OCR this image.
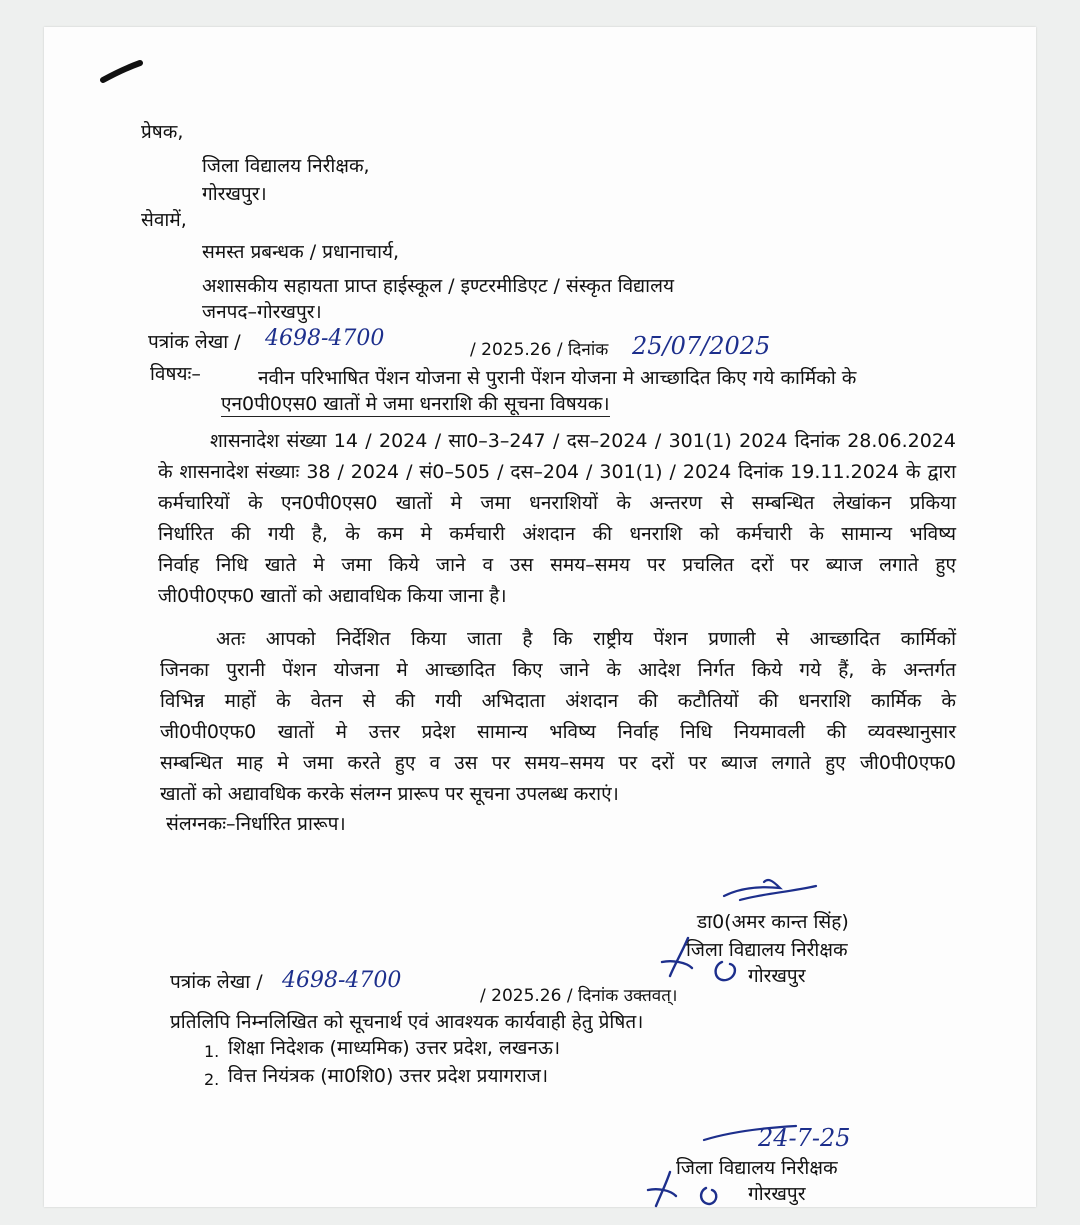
प्रेषक,
जिला विद्यालय निरीक्षक,
गोरखपुर।
सेवामें,
समस्त प्रबन्धक / प्रधानाचार्य,
अशासकीय सहायता प्राप्त हाईस्कूल / इण्टरमीडिएट / संस्कृत विद्यालय
जनपद–गोरखपुर।
पत्रांक लेखा / 4698-4700	/ 2025.26 / दिनांक 25/07/2025
विषयः–	नवीन परिभाषित पेंशन योजना से पुरानी पेंशन योजना मे आच्छादित किए गये कार्मिको के
एन0पी0एस0 खातों मे जमा धनराशि की सूचना विषयक।
शासनादेश संख्या 14 / 2024 / सा0–3–247 / दस–2024 / 301(1) 2024 दिनांक 28.06.2024
के शासनादेश संख्याः 38 / 2024 / सं0–505 / दस–204 / 301(1) / 2024 दिनांक 19.11.2024 के द्वारा
कर्मचारियों के एन0पी0एस0 खातों मे जमा धनराशियों के अन्तरण से सम्बन्धित लेखांकन प्रकिया
निर्धारित की गयी है, के कम मे कर्मचारी अंशदान की धनराशि को कर्मचारी के सामान्य भविष्य
निर्वाह निधि खाते मे जमा किये जाने व उस समय–समय पर प्रचलित दरों पर ब्याज लगाते हुए
जी0पी0एफ0 खातों को अद्यावधिक किया जाना है।
अतः आपको निर्देशित किया जाता है कि राष्ट्रीय पेंशन प्रणाली से आच्छादित कार्मिकों
जिनका पुरानी पेंशन योजना मे आच्छादित किए जाने के आदेश निर्गत किये गये हैं, के अन्तर्गत
विभिन्न माहों के वेतन से की गयी अभिदाता अंशदान की कटौतियों की धनराशि कार्मिक के
जी0पी0एफ0 खातों मे उत्तर प्रदेश सामान्य भविष्य निर्वाह निधि नियमावली की व्यवस्थानुसार
सम्बन्धित माह मे जमा करते हुए व उस पर समय–समय पर दरों पर ब्याज लगाते हुए जी0पी0एफ0
खातों को अद्यावधिक करके संलग्न प्रारूप पर सूचना उपलब्ध कराएं।
संलग्नकः–निर्धारित प्रारूप।
डा0(अमर कान्त सिंह)
जिला विद्यालय निरीक्षक
गोरखपुर
पत्रांक लेखा / 4698-4700
/ 2025.26 / दिनांक उक्तवत्।
प्रतिलिपि निम्नलिखित को सूचनार्थ एवं आवश्यक कार्यवाही हेतु प्रेषित।
1. शिक्षा निदेशक (माध्यमिक) उत्तर प्रदेश, लखनऊ।
2. वित्त नियंत्रक (मा0शि0) उत्तर प्रदेश प्रयागराज।
24-7-25
जिला विद्यालय निरीक्षक
गोरखपुर
